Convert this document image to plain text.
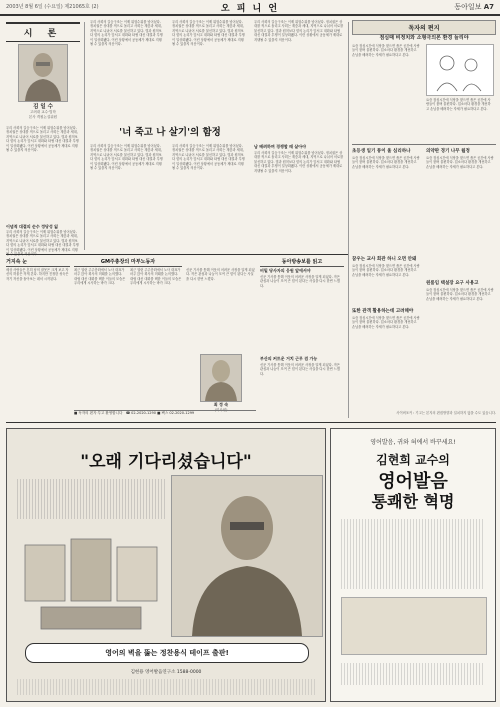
2003년 8월 6일 (수요일) 제21065호 (2)	오 피 니 언	동아일보 A7
시 론
김 일 수
고려대 교수·법학
본사 객원논설위원
우리 사회의 갈등구조는 이제 위험수위를 넘어섰다. 정치권은 상대를 적으로 돌리고 사회는 계층과 세대, 지역으로 나뉘어 서로를 불신하고 있다. 법과 원칙보다 힘의 논리가 앞서고 대화와 타협 대신 대결과 투쟁이 일상화됐다. 이런 상황에서 공동체가 제대로 지탱될 수 있을지 의문이다.
이념적 대결의 순수 정당성 잃
우리 사회의 갈등구조는 이제 위험수위를 넘어섰다. 정치권은 상대를 적으로 돌리고 사회는 계층과 세대, 지역으로 나뉘어 서로를 불신하고 있다. 법과 원칙보다 힘의 논리가 앞서고 대화와 타협 대신 대결과 투쟁이 일상화됐다. 이런 상황에서 공동체가 제대로 지탱
우리 사회의 갈등구조는 이제 위험수위를 넘어섰다. 정치권은 상대를 적으로 돌리고 사회는 계층과 세대, 지역으로 나뉘어 서로를 불신하고 있다. 법과 원칙보다 힘의 논리가 앞서고 대화와 타협 대신 대결과 투쟁이 일상화됐다. 이런 상황에서 공동체가 제대로 지탱될 수 있을지 의문이다.
우리 사회의 갈등구조는 이제 위험수위를 넘어섰다. 정치권은 상대를 적으로 돌리고 사회는 계층과 세대, 지역으로 나뉘어 서로를 불신하고 있다. 법과 원칙보다 힘의 논리가 앞서고 대화와 타협 대신 대결과 투쟁이 일상화됐다. 이런 상황에서 공동체가 제대로 지탱될 수 있을지 의문이다.
'너 죽고 나 살기'의 함정
우리 사회의 갈등구조는 이제 위험수위를 넘어섰다. 정치권은 상대를 적으로 돌리고 사회는 계층과 세대, 지역으로 나뉘어 서로를 불신하고 있다. 법과 원칙보다 힘의 논리가 앞서고 대화와 타협 대신 대결과 투쟁이 일상화됐다. 이런 상황에서 공동체가 제대로 지탱될 수 있을지 의문이다.
우리 사회의 갈등구조는 이제 위험수위를 넘어섰다. 정치권은 상대를 적으로 돌리고 사회는 계층과 세대, 지역으로 나뉘어 서로를 불신하고 있다. 법과 원칙보다 힘의 논리가 앞서고 대화와 타협 대신 대결과 투쟁이 일상화됐다. 이런 상황에서 공동체가 제대로 지탱될 수 있을지 의문이다.
우리 사회의 갈등구조는 이제 위험수위를 넘어섰다. 정치권은 상대를 적으로 돌리고 사회는 계층과 세대, 지역으로 나뉘어 서로를 불신하고 있다. 법과 원칙보다 힘의 논리가 앞서고 대화와 타협 대신 대결과 투쟁이 일상화됐다. 이런 상황에서 공동체가 제대로 지탱될 수 있을지 의문이다.
남 배려하며 경쟁할 때 살아야
우리 사회의 갈등구조는 이제 위험수위를 넘어섰다. 정치권은 상대를 적으로 돌리고 사회는 계층과 세대, 지역으로 나뉘어 서로를 불신하고 있다. 법과 원칙보다 힘의 논리가 앞서고 대화와 타협 대신 대결과 투쟁이 일상화됐다. 이런 상황에서 공동체가 제대로 지탱될 수 있을지 의문이다.
독자의 편지
점심때 비정치와 소형극의론 환경 늘리야
요즘 점심시간에 식당을 찾으면 좁은 공간에 사람들이 붐벼 불편하다. 업소마다 환경을 개선하고 손님을 배려하는 자세가 필요하다고 본다.
요즘 점심시간에 식당을 찾으면 좁은 공간에 사람들이 붐벼 불편하다. 업소마다 환경을 개선하고 손님을 배려하는 자세가 필요하다고 본다.
초등생 일기 통이 울 심리하나
요즘 점심시간에 식당을 찾으면 좁은 공간에 사람들이 붐벼 불편하다. 업소마다 환경을 개선하고 손님을 배려하는 자세가 필요하다고 본다.
의약판 경기 나무 월정
요즘 점심시간에 식당을 찾으면 좁은 공간에 사람들이 붐벼 불편하다. 업소마다 환경을 개선하고 손님을 배려하는 자세가 필요하다고 본다.
꿈우는 교사 회관 하니 오면 안돼
요즘 점심시간에 식당을 찾으면 좁은 공간에 사람들이 붐벼 불편하다. 업소마다 환경을 개선하고 손님을 배려하는 자세가 필요하다고 본다.
또한 관객 활용하는데 고려해야
요즘 점심시간에 식당을 찾으면 좁은 공간에 사람들이 붐벼 불편하다. 업소마다 환경을 개선하고 손님을 배려하는 자세가 필요하다고 본다.
원룸임 택설장 요구 사용고
요즘 점심시간에 식당을 찾으면 좁은 공간에 사람들이 붐벼 불편하다. 업소마다 환경을 개선하고 손님을 배려하는 자세가 필요하다고 본다.
거지속 눈
세상 사람들은 흔히 남의 잘못은 크게 보고 자신의 허물은 작게 본다. 하지만 진정한 성숙은 자기 자신을 돌아보는 데서 시작된다.
GM주총장의 마부노동자
최근 열린 주주총회에서 노사 대표가 마주 앉아 회사의 미래를 논의했다. 대립 대신 대화를 택한 이들의 모습은 우리에게 시사하는 바가 크다.
최근 열린 주주총회에서 노사 대표가 마주 앉아 회사의 미래를 논의했다. 대립 대신 대화를 택한 이들의 모습은 우리에게 시사하는 바가 크다.
신문 기사를 통해 이웃의 어려운 사정을 알게 되었다. 작은 관심과 나눔이 모여 큰 힘이 된다는 사실을 다시 한번 느꼈다.
최 정 숙
(회사원)
동아방송보를 읽고
비밀 당사자의 응원 앞에서야
신문 기사를 통해 이웃의 어려운 사정을 알게 되었다. 작은 관심과 나눔이 모여 큰 힘이 된다는 사실을 다시 한번 느꼈다.
부산의 커트운 거치 근무 겸 가능
신문 기사를 통해 이웃의 어려운 사정을 알게 되었다. 작은 관심과 나눔이 모여 큰 힘이 된다는 사실을 다시 한번 느꼈다.
■ 독자의 편지·투고 환영합니다 ☎ 02-2020-1290 ■ 팩스 02-2020-1299
"오래 기다리셨습니다"
영어의 벽을 뚫는 정찬용식 테이프 출판!
김현용 영어발음연구소 1588-0000
영어발음, 귀와 혀에서 바꾸세요!
김현희 교수의
영어발음
통쾌한 혁명
사이버포커 : 기고는 본지의 편집방향과 일치하지 않을 수도 있습니다.
